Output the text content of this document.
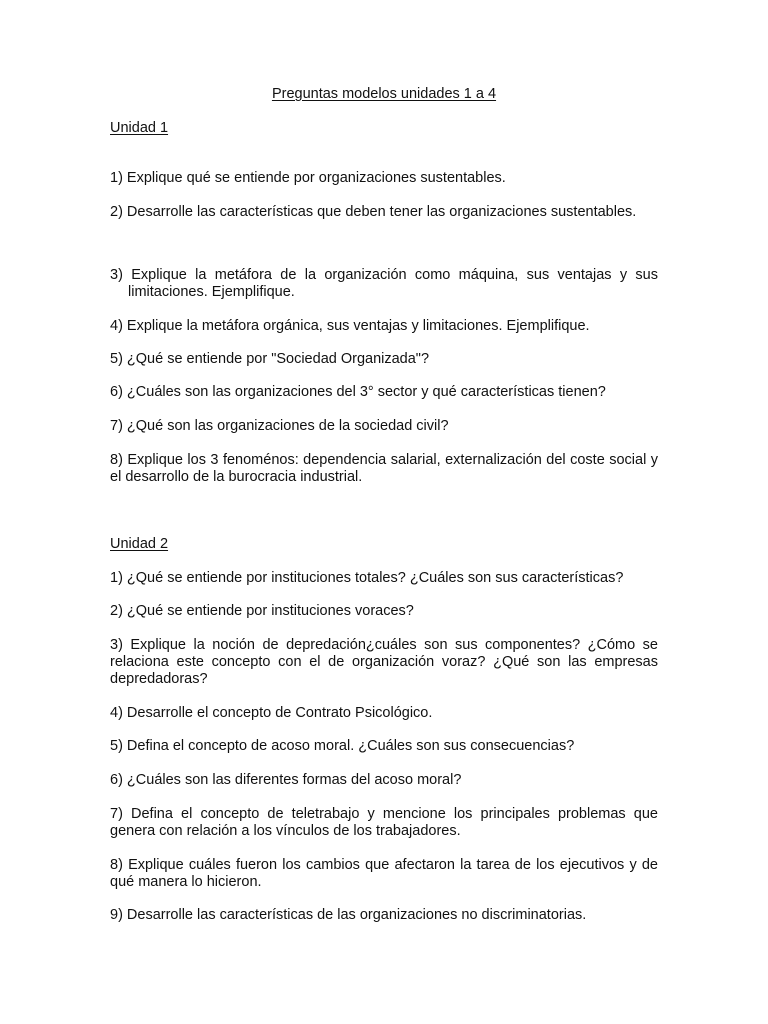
Preguntas modelos unidades 1 a 4
Unidad 1

1) Explique qué se entiende por organizaciones sustentables.

2) Desarrolle las características que deben tener las organizaciones sustentables.

3) Explique la metáfora de la organización como máquina, sus ventajas y sus limitaciones. Ejemplifique.

4) Explique la metáfora orgánica, sus ventajas y limitaciones. Ejemplifique.

5) ¿Qué se entiende por "Sociedad Organizada"?

6) ¿Cuáles son las organizaciones del 3° sector y qué características tienen?

7) ¿Qué son las organizaciones de la sociedad civil?

8) Explique los 3 fenoménos: dependencia salarial, externalización del coste social y el desarrollo de la burocracia industrial.

Unidad 2

1) ¿Qué se entiende por instituciones totales? ¿Cuáles son sus características?

2) ¿Qué se entiende por instituciones voraces?

3) Explique la noción de depredación¿cuáles son sus componentes? ¿Cómo se relaciona este concepto con el de organización voraz? ¿Qué son las empresas depredadoras?

4) Desarrolle el concepto de Contrato Psicológico.

5) Defina el concepto de acoso moral. ¿Cuáles son sus consecuencias?

6) ¿Cuáles son las diferentes formas del acoso moral?

7) Defina el concepto de teletrabajo y mencione los principales problemas que genera con relación a los vínculos de los trabajadores.

8) Explique cuáles fueron los cambios que afectaron la tarea de los ejecutivos y de qué manera lo hicieron.

9) Desarrolle las características de las organizaciones no discriminatorias.
